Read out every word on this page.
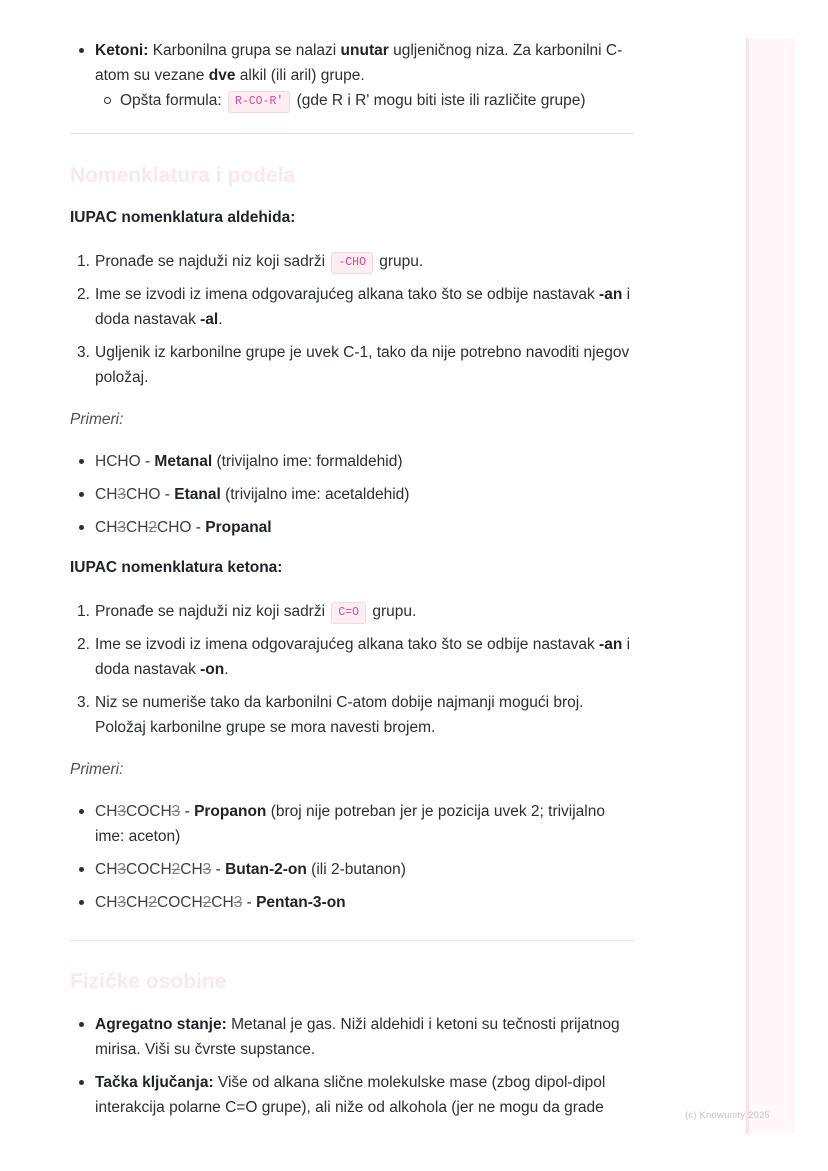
(c) Knowunity 2025
Ketoni: Karbonilna grupa se nalazi unutar ugljeničnog niza. Za karbonilni C-atom su vezane dve alkil (ili aril) grupe.
Opšta formula: R-CO-R' (gde R i R' mogu biti iste ili različite grupe)
Nomenklatura i podela
IUPAC nomenklatura aldehida:
1. Pronađe se najduži niz koji sadrži -CHO grupu.
2. Ime se izvodi iz imena odgovarajućeg alkana tako što se odbije nastavak -an i doda nastavak -al.
3. Ugljenik iz karbonilne grupe je uvek C-1, tako da nije potrebno navoditi njegov položaj.
Primeri:
HCHO - Metanal (trivijalno ime: formaldehid)
CH3CHO - Etanal (trivijalno ime: acetaldehid)
CH3CH2CHO - Propanal
IUPAC nomenklatura ketona:
1. Pronađe se najduži niz koji sadrži C=O grupu.
2. Ime se izvodi iz imena odgovarajućeg alkana tako što se odbije nastavak -an i doda nastavak -on.
3. Niz se numeriše tako da karbonilni C-atom dobije najmanji mogući broj. Položaj karbonilne grupe se mora navesti brojem.
Primeri:
CH3COCH3 - Propanon (broj nije potreban jer je pozicija uvek 2; trivijalno ime: aceton)
CH3COCH2CH3 - Butan-2-on (ili 2-butanon)
CH3CH2COCH2CH3 - Pentan-3-on
Fizičke osobine
Agregatno stanje: Metanal je gas. Niži aldehidi i ketoni su tečnosti prijatnog mirisa. Viši su čvrste supstance.
Tačka ključanja: Više od alkana slične molekulske mase (zbog dipol-dipol interakcija polarne C=O grupe), ali niže od alkohola (jer ne mogu da grade
